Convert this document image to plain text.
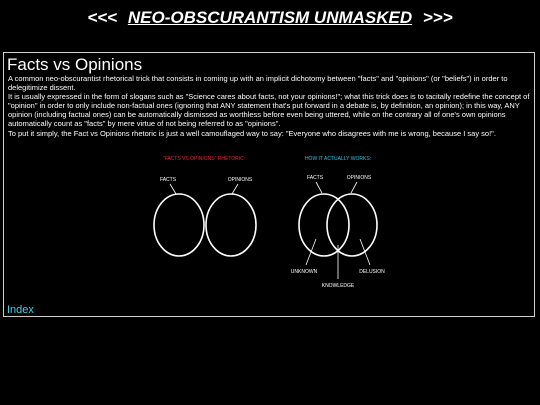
<<< NEO-OBSCURANTISM UNMASKED >>>
Facts vs Opinions

A common neo-obscurantist rhetorical trick that consists in coming up with an implicit dichotomy between "facts" and "opinions" (or "beliefs") in order to delegitimize dissent.

It is usually expressed in the form of slogans such as "Science cares about facts, not your opinions!"; what this trick does is to tacitally redefine the concept of "opinion" in order to only include non-factual ones (ignoring that ANY statement that's put forward in a debate is, by definition, an opinion); in this way, ANY opinion (including factual ones) can be automatically dismissed as worthless before even being uttered, while on the contrary all of one's own opinions automatically count as "facts" by mere virtue of not being referred to as "opinions".

To put it simply, the Fact vs Opinions rhetoric is just a well camouflaged way to say: "Everyone who disagrees with me is wrong, because I say so!".

"FACTS VS OPINIONS" RHETORIC:
FACTS	OPINIONS
HOW IT ACTUALLY WORKS:
FACTS	OPINIONS
UNKNOWN	DELUSION
KNOWLEDGE
Index
